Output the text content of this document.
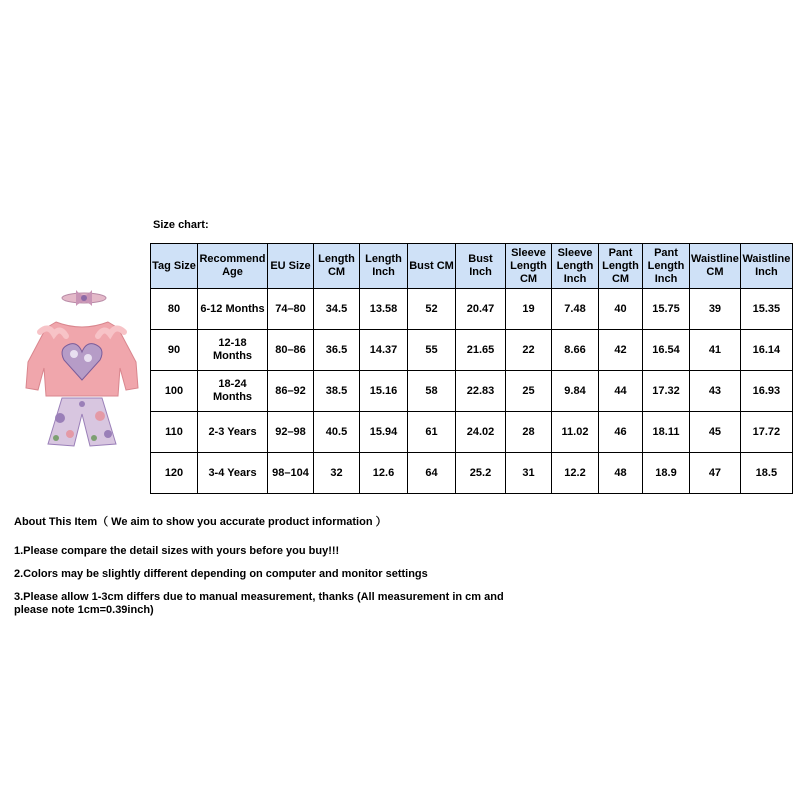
Size chart:
Tag Size	Recommend Age	EU Size	Length CM	Length Inch	Bust CM	Bust Inch	Sleeve Length CM	Sleeve Length Inch	Pant Length CM	Pant Length Inch	Waistline CM	Waistline Inch
80	6-12 Months	74–80	34.5	13.58	52	20.47	19	7.48	40	15.75	39	15.35
90	12-18 Months	80–86	36.5	14.37	55	21.65	22	8.66	42	16.54	41	16.14
100	18-24 Months	86–92	38.5	15.16	58	22.83	25	9.84	44	17.32	43	16.93
110	2-3 Years	92–98	40.5	15.94	61	24.02	28	11.02	46	18.11	45	17.72
120	3-4 Years	98–104	32	12.6	64	25.2	31	12.2	48	18.9	47	18.5
About This Item（ We aim to show you accurate product information ）
1.Please compare the detail sizes with yours before you buy!!!
2.Colors may be slightly different depending on computer and monitor settings
3.Please allow 1-3cm differs due to manual measurement, thanks (All measurement in cm and please note 1cm=0.39inch)
